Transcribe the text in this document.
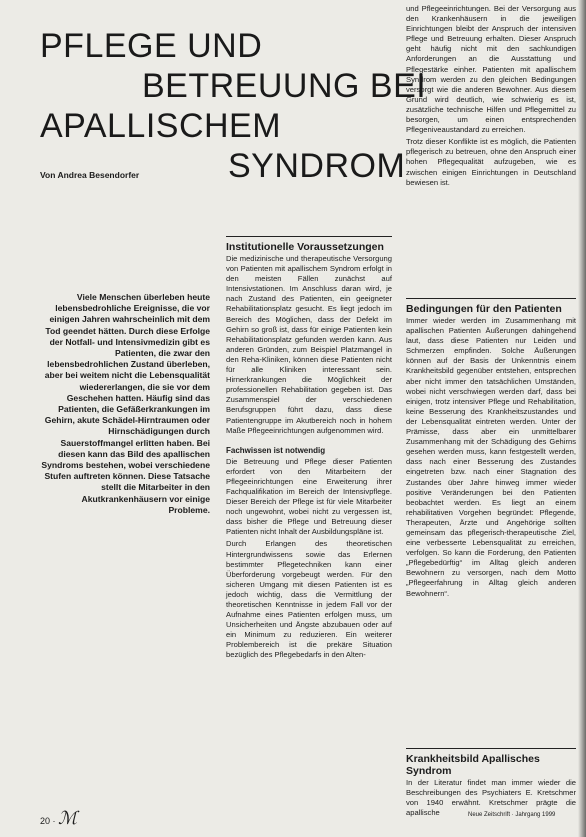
PFLEGE UND
BETREUUNG BEI
APALLISCHEM
SYNDROM
Von Andrea Besendorfer

Viele Menschen überleben heute lebensbedrohliche Ereignisse, die vor einigen Jahren wahrscheinlich mit dem Tod geendet hätten. Durch diese Erfolge der Notfall- und Intensivmedizin gibt es Patienten, die zwar den lebensbedrohlichen Zustand überleben, aber bei weitem nicht die Lebensqualität wiedererlangen, die sie vor dem Geschehen hatten. Häufig sind das Patienten, die Gefäßerkrankungen im Gehirn, akute Schädel-Hirntraumen oder Hirnschädigungen durch Sauerstoffmangel erlitten haben. Bei diesen kann das Bild des apallischen Syndroms bestehen, wobei verschiedene Stufen auftreten können. Diese Tatsache stellt die Mitarbeiter in den Akutkrankenhäusern vor einige Probleme.

Institutionelle Voraussetzungen

Die medizinische und therapeutische Versorgung von Patienten mit apallischem Syndrom erfolgt in den meisten Fällen zunächst auf Intensivstationen. Im Anschluss daran wird, je nach Zustand des Patienten, ein geeigneter Rehabilitationsplatz gesucht. Es liegt jedoch im Bereich des Möglichen, dass der Defekt im Gehirn so groß ist, dass für einige Patienten kein Rehabilitationsplatz gefunden werden kann. Aus anderen Gründen, zum Beispiel Platzmangel in den Reha-Kliniken, können diese Patienten nicht für alle Kliniken interessant sein. Hirnerkrankungen die Möglichkeit der professionellen Rehabilitation gegeben ist. Das Zusammenspiel der verschiedenen Berufsgruppen führt dazu, dass diese Patientengruppe im Akutbereich noch in hohem Maße Pflegeeinrichtungen aufgenommen wird.

Fachwissen ist notwendig

Die Betreuung und Pflege dieser Patienten erfordert von den Mitarbeitern der Pflegeeinrichtungen eine Erweiterung ihrer Fachqualifikation im Bereich der Intensivpflege. Dieser Bereich der Pflege ist für viele Mitarbeiter noch ungewohnt, wobei nicht zu vergessen ist, dass bisher die Pflege und Betreuung dieser Patienten nicht Inhalt der Ausbildungspläne ist.

Durch Erlangen des theoretischen Hintergrundwissens sowie das Erlernen bestimmter Pflegetechniken kann einer Überforderung vorgebeugt werden. Für den sicheren Umgang mit diesen Patienten ist es jedoch wichtig, dass die Vermittlung der theoretischen Kenntnisse in jedem Fall vor der Aufnahme eines Patienten erfolgen muss, um Unsicherheiten und Ängste abzubauen oder auf ein Minimum zu reduzieren. Ein weiterer Problembereich ist die prekäre Situation bezüglich des Pflegebedarfs in den Alten-

und Pflegeeinrichtungen. Bei der Versorgung aus den Krankenhäusern in die jeweiligen Einrichtungen bleibt der Anspruch der intensiven Pflege und Betreuung erhalten. Dieser Anspruch geht häufig nicht mit den sachkundigen Anforderungen an die Ausstattung und Pflegestärke einher. Patienten mit apallischem Syndrom werden zu den gleichen Bedingungen versorgt wie die anderen Bewohner. Aus diesem Grund wird deutlich, wie schwierig es ist, zusätzliche technische Hilfen und Pflegemittel zu besorgen, um einen entsprechenden Pflegeniveaustandard zu erreichen.

Trotz dieser Konflikte ist es möglich, die Patienten pflegerisch zu betreuen, ohne den Anspruch einer hohen Pflegequalität aufzugeben, wie es zwischen einigen Einrichtungen in Deutschland bewiesen ist.

Bedingungen für den Patienten

Immer wieder werden im Zusammenhang mit apallischen Patienten Äußerungen dahingehend laut, dass diese Patienten nur Leiden und Schmerzen empfinden. Solche Äußerungen können auf der Basis der Unkenntnis einem Krankheitsbild gegenüber entstehen, entsprechen aber nicht immer den tatsächlichen Umständen, wobei nicht verschwiegen werden darf, dass bei einigen, trotz intensiver Pflege und Rehabilitation, keine Besserung des Krankheitszustandes und der Lebensqualität eintreten werden. Unter der Prämisse, dass aber ein unmittelbarer Zusammenhang mit der Schädigung des Gehirns gesehen werden muss, kann festgestellt werden, dass nach einer Besserung des Zustandes eingetreten bzw. nach einer Stagnation des Zustandes über Jahre hinweg immer wieder positive Veränderungen bei den Patienten beobachtet werden. Es liegt an einem rehabilitativen Vorgehen begründet: Pflegende, Therapeuten, Ärzte und Angehörige sollten gemeinsam das pflegerisch-therapeutische Ziel, eine verbesserte Lebensqualität zu erreichen, verfolgen. So kann die Forderung, den Patienten „Pflegebedürftig“ im Alltag gleich anderen Bewohnern zu versorgen, nach dem Motto „Pflegeerfahrung in Alltag gleich anderen Bewohnern“.

Krankheitsbild Apallisches Syndrom

In der Literatur findet man immer wieder die Beschreibungen des Psychiaters E. Kretschmer von 1940 erwähnt. Kretschmer prägte die apallische

20 · ℳ	Neue Zeitschrift · Jahrgang 1999
